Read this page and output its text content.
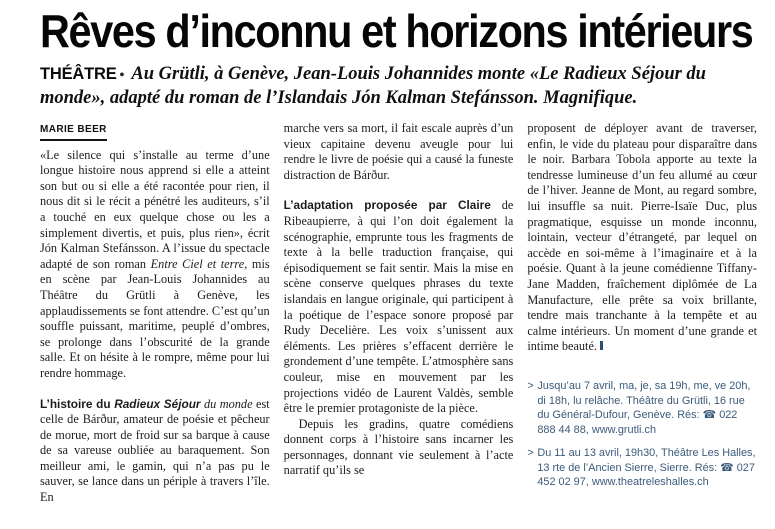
Rêves d’inconnu et horizons intérieurs
THÉÂTRE • Au Grütli, à Genève, Jean-Louis Johannides monte «Le Radieux Séjour du monde», adapté du roman de l’Islandais Jón Kalman Stefánsson. Magnifique.
MARIE BEER

«Le silence qui s’installe au terme d’une longue histoire nous apprend si elle a atteint son but ou si elle a été racontée pour rien, il nous dit si le récit a pénétré les auditeurs, s’il a touché en eux quelque chose ou les a simplement divertis, et puis, plus rien», écrit Jón Kalman Stefánsson. A l’issue du spectacle adapté de son roman Entre Ciel et terre, mis en scène par Jean-Louis Johannides au Théâtre du Grütli à Genève, les applaudissements se font attendre. C’est qu’un souffle puissant, maritime, peuplé d’ombres, se prolonge dans l’obscurité de la grande salle. Et on hésite à le rompre, même pour lui rendre hommage.

L’histoire du Radieux Séjour du monde est celle de Bárður, amateur de poésie et pêcheur de morue, mort de froid sur sa barque à cause de sa vareuse oubliée au baraquement. Son meilleur ami, le gamin, qui n’a pas pu le sauver, se lance dans un périple à travers l’île. En

marche vers sa mort, il fait escale auprès d’un vieux capitaine devenu aveugle pour lui rendre le livre de poésie qui a causé la funeste distraction de Bárður.

L’adaptation proposée par Claire de Ribeaupierre, à qui l’on doit également la scénographie, emprunte tous les fragments de texte à la belle traduction française, qui épisodiquement se fait sentir. Mais la mise en scène conserve quelques phrases du texte islandais en langue originale, qui participent à la poétique de l’espace sonore proposé par Rudy Decelière. Les voix s’unissent aux éléments. Les prières s’effacent derrière le grondement d’une tempête. L’atmosphère sans couleur, mise en mouvement par les projections vidéo de Laurent Valdès, semble être le premier protagoniste de la pièce.

Depuis les gradins, quatre comédiens donnent corps à l’histoire sans incarner les personnages, donnant vie seulement à l’acte narratif qu’ils se

proposent de déployer avant de traverser, enfin, le vide du plateau pour disparaître dans le noir. Barbara Tobola apporte au texte la tendresse lumineuse d’un feu allumé au cœur de l’hiver. Jeanne de Mont, au regard sombre, lui insuffle sa nuit. Pierre-Isaïe Duc, plus pragmatique, esquisse un monde inconnu, lointain, vecteur d’étrangeté, par lequel on accède en soi-même à l’imaginaire et à la poésie. Quant à la jeune comédienne Tiffany-Jane Madden, fraîchement diplômée de La Manufacture, elle prête sa voix brillante, tendre mais tranchante à la tempête et au calme intérieurs. Un moment d’une grande et intime beauté.

> Jusqu’au 7 avril, ma, je, sa 19h, me, ve 20h, di 18h, lu relâche. Théâtre du Grütli, 16 rue du Général-Dufour, Genève. Rés: ☎ 022 888 44 88, www.grutli.ch
> Du 11 au 13 avril, 19h30, Théâtre Les Halles, 13 rte de l’Ancien Sierre, Sierre. Rés: ☎ 027 452 02 97, www.theatreleshalles.ch
